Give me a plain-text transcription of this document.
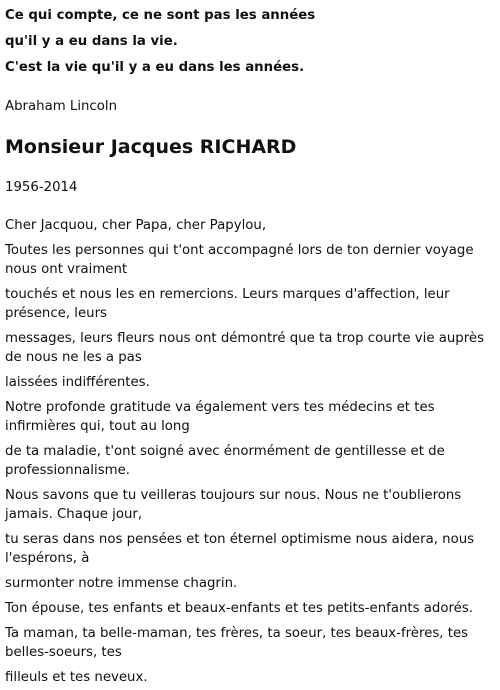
Ce qui compte, ce ne sont pas les années
qu'il y a eu dans la vie.
C'est la vie qu'il y a eu dans les années.
Abraham Lincoln
Monsieur Jacques RICHARD
1956-2014

Cher Jacquou, cher Papa, cher Papylou,

Toutes les personnes qui t'ont accompagné lors de ton dernier voyage nous ont vraiment

touchés et nous les en remercions. Leurs marques d'affection, leur présence, leurs

messages, leurs fleurs nous ont démontré que ta trop courte vie auprès de nous ne les a pas

laissées indifférentes.

Notre profonde gratitude va également vers tes médecins et tes infirmières qui, tout au long

de ta maladie, t'ont soigné avec énormément de gentillesse et de professionnalisme.

Nous savons que tu veilleras toujours sur nous. Nous ne t'oublierons jamais. Chaque jour,

tu seras dans nos pensées et ton éternel optimisme nous aidera, nous l'espérons, à

surmonter notre immense chagrin.

Ton épouse, tes enfants et beaux-enfants et tes petits-enfants adorés.

Ta maman, ta belle-maman, tes frères, ta soeur, tes beaux-frères, tes belles-soeurs, tes

filleuls et tes neveux.
